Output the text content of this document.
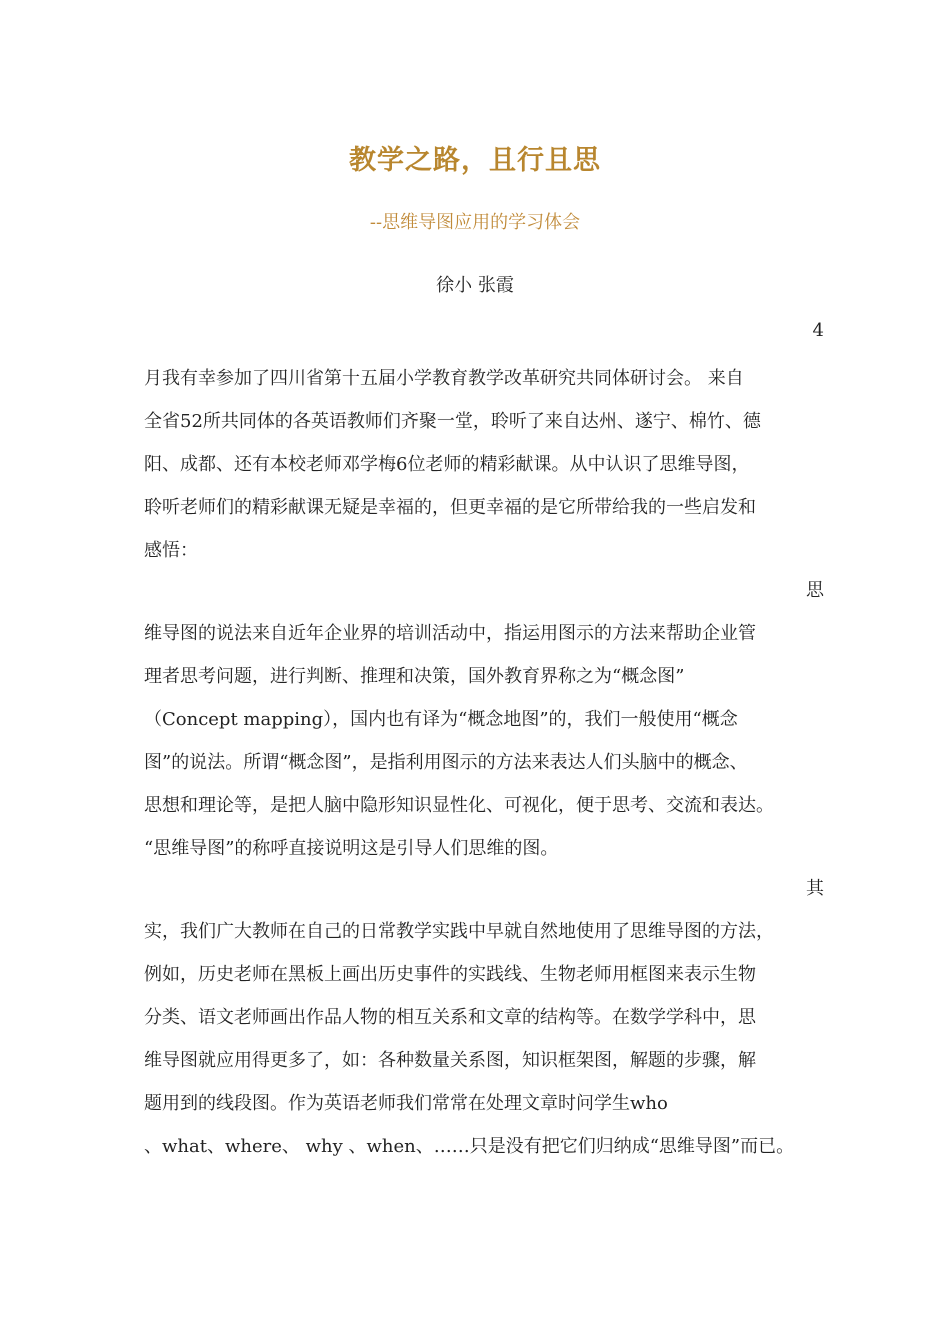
教学之路，且行且思
--思维导图应用的学习体会
徐小 张霞
4
月我有幸参加了四川省第十五届小学教育教学改革研究共同体研讨会。 来自
全省52所共同体的各英语教师们齐聚一堂，聆听了来自达州、遂宁、棉竹、德
阳、成都、还有本校老师邓学梅6位老师的精彩献课。从中认识了思维导图，
聆听老师们的精彩献课无疑是幸福的，但更幸福的是它所带给我的一些启发和
感悟：
思
维导图的说法来自近年企业界的培训活动中，指运用图示的方法来帮助企业管
理者思考问题，进行判断、推理和决策，国外教育界称之为“概念图”
（Concept mapping），国内也有译为“概念地图”的，我们一般使用“概念
图”的说法。所谓“概念图”，是指利用图示的方法来表达人们头脑中的概念、
思想和理论等，是把人脑中隐形知识显性化、可视化，便于思考、交流和表达。
“思维导图”的称呼直接说明这是引导人们思维的图。
其
实，我们广大教师在自己的日常教学实践中早就自然地使用了思维导图的方法，
例如，历史老师在黑板上画出历史事件的实践线、生物老师用框图来表示生物
分类、语文老师画出作品人物的相互关系和文章的结构等。在数学学科中，思
维导图就应用得更多了，如：各种数量关系图，知识框架图，解题的步骤，解
题用到的线段图。作为英语老师我们常常在处理文章时问学生who
、what、where、 why 、when、……只是没有把它们归纳成“思维导图”而已。
